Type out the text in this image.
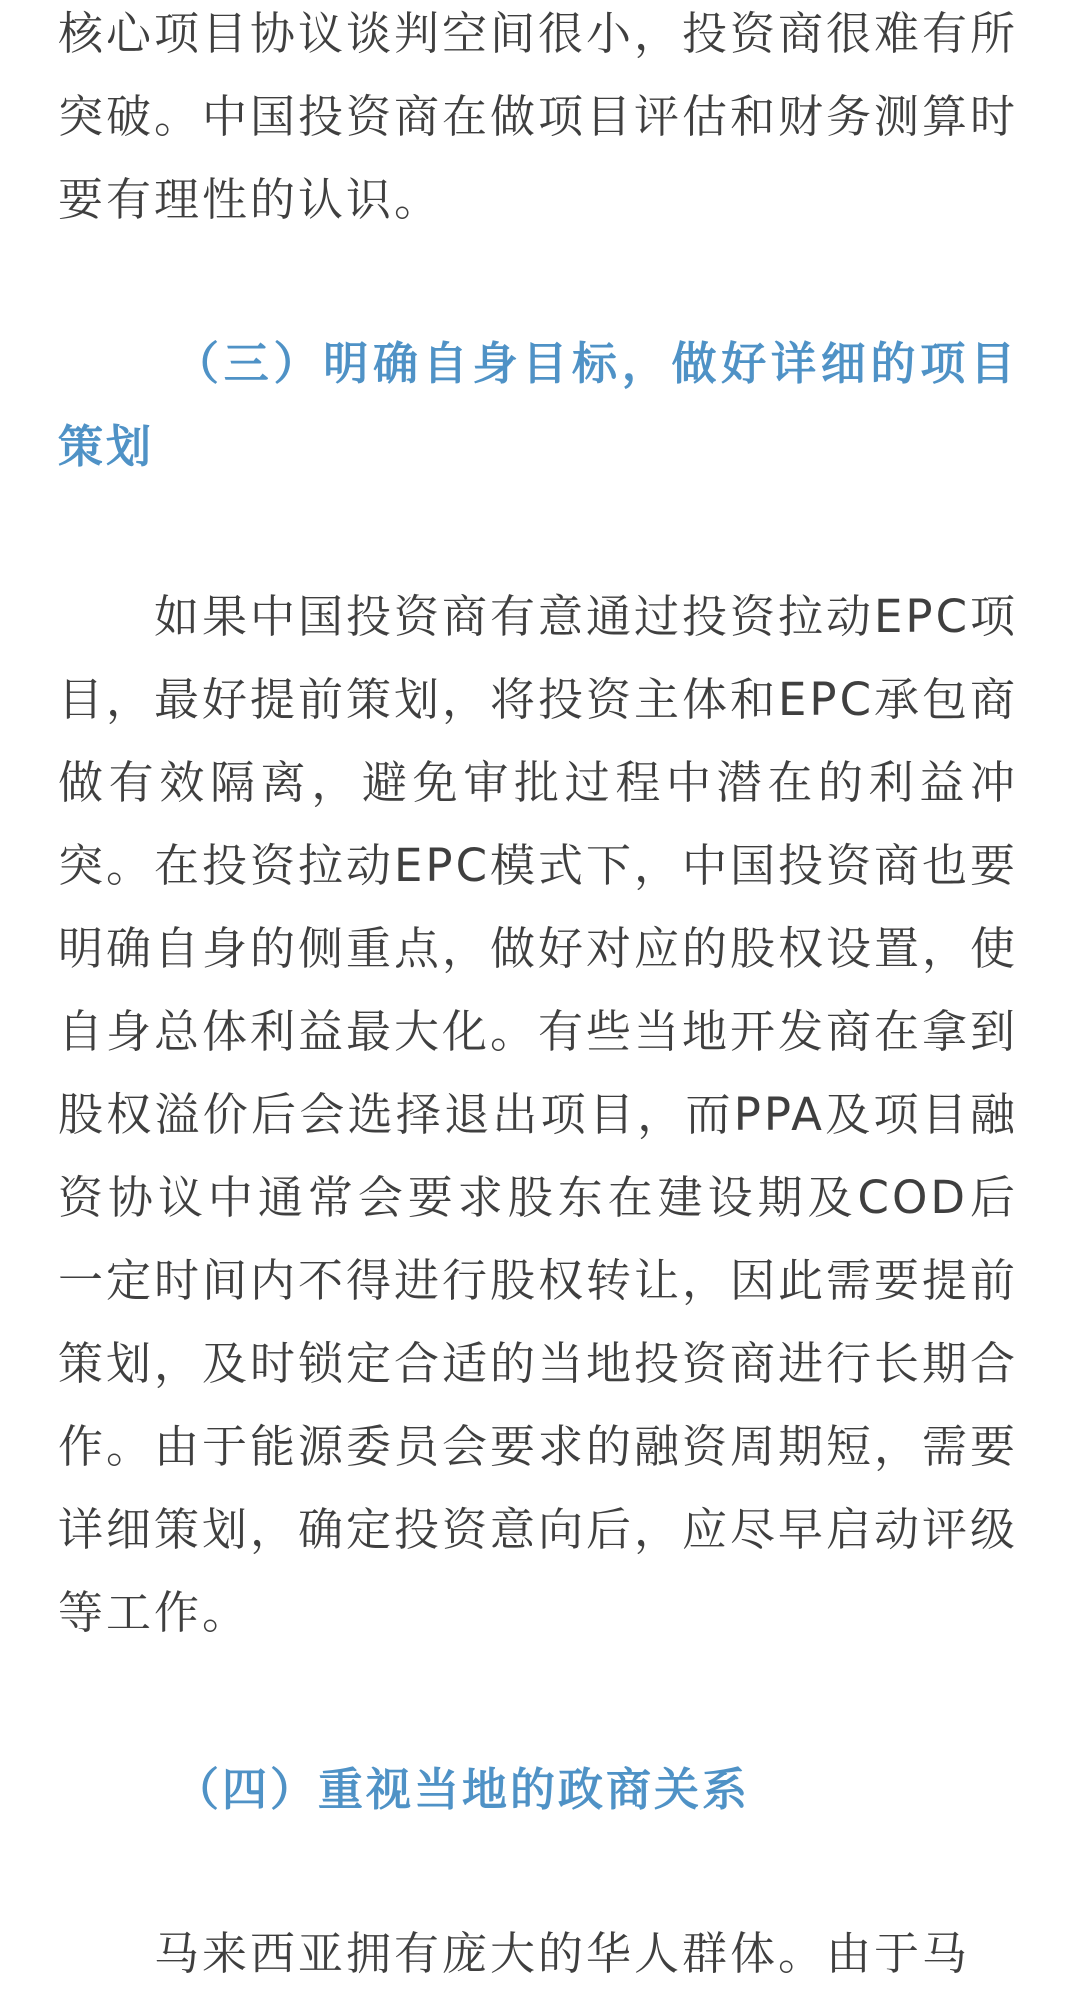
核心项目协议谈判空间很小，投资商很难有所突破。中国投资商在做项目评估和财务测算时要有理性的认识。

（三）明确自身目标，做好详细的项目策划

如果中国投资商有意通过投资拉动EPC项目，最好提前策划，将投资主体和EPC承包商做有效隔离，避免审批过程中潜在的利益冲突。在投资拉动EPC模式下，中国投资商也要明确自身的侧重点，做好对应的股权设置，使自身总体利益最大化。有些当地开发商在拿到股权溢价后会选择退出项目，而PPA及项目融资协议中通常会要求股东在建设期及COD后一定时间内不得进行股权转让，因此需要提前策划，及时锁定合适的当地投资商进行长期合作。由于能源委员会要求的融资周期短，需要详细策划，确定投资意向后，应尽早启动评级等工作。

（四）重视当地的政商关系

马来西亚拥有庞大的华人群体。由于马
